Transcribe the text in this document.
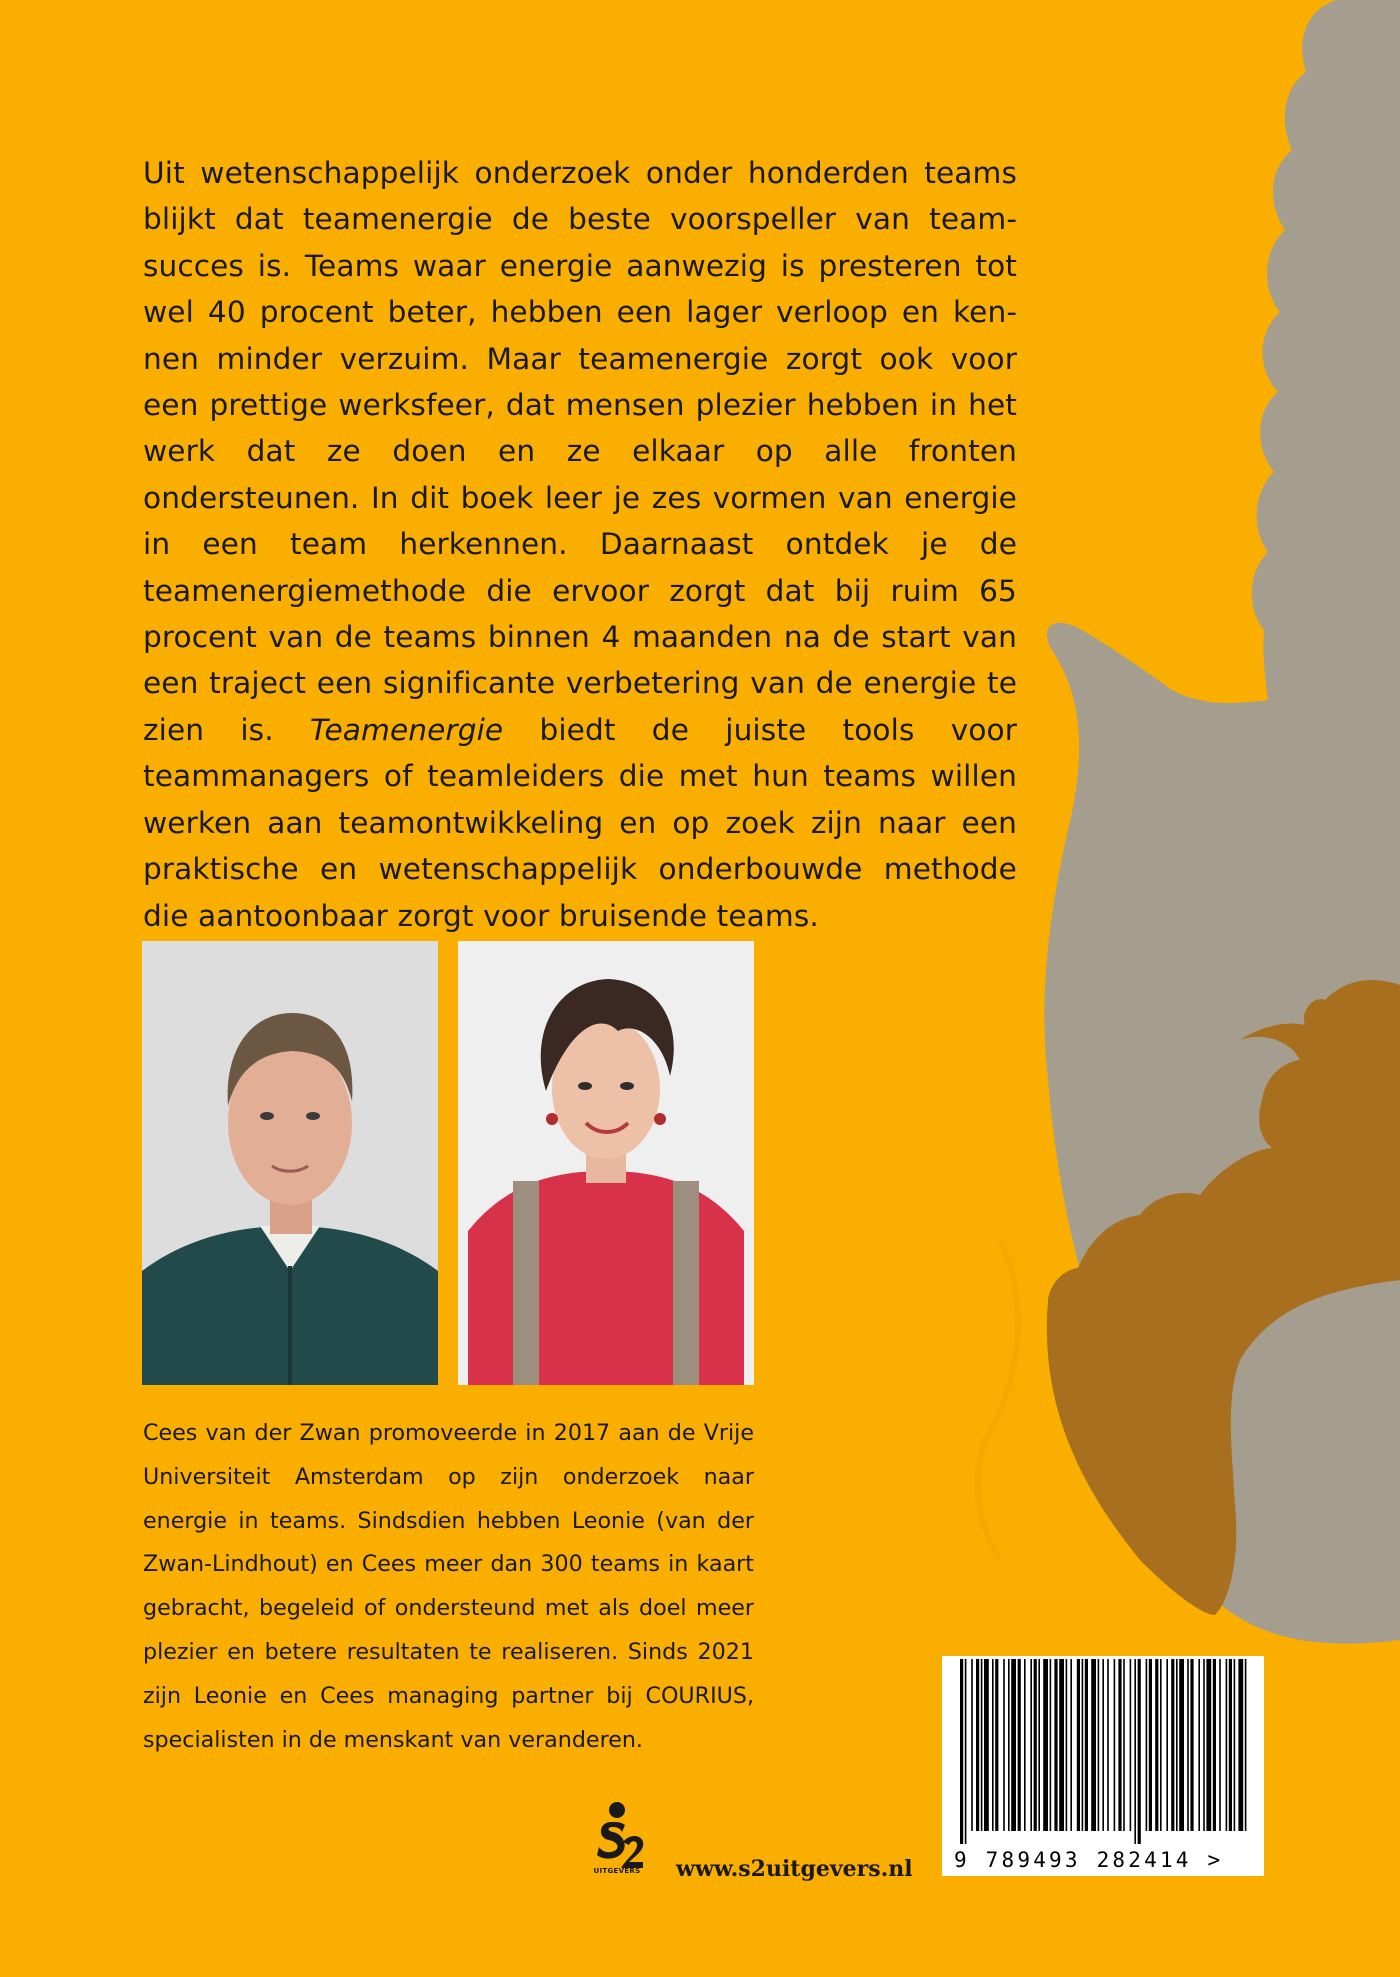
Uit wetenschappelijk onderzoek onder honderden teams blijkt dat teamenergie de beste voorspeller van teamsucces is. Teams waar energie aanwezig is presteren tot wel 40 procent beter, hebben een lager verloop en kennen minder verzuim. Maar teamenergie zorgt ook voor een prettige werksfeer, dat mensen plezier hebben in het werk dat ze doen en ze elkaar op alle fronten ondersteunen. In dit boek leer je zes vormen van energie in een team herkennen. Daarnaast ontdek je de teamenergiemethode die ervoor zorgt dat bij ruim 65 procent van de teams binnen 4 maanden na de start van een traject een significante verbetering van de energie te zien is. Teamenergie biedt de juiste tools voor teammanagers of teamleiders die met hun teams willen werken aan teamontwikkeling en op zoek zijn naar een praktische en wetenschappelijk onderbouwde methode die aantoonbaar zorgt voor bruisende teams.
Cees van der Zwan promoveerde in 2017 aan de Vrije Universiteit Amsterdam op zijn onderzoek naar energie in teams. Sindsdien hebben Leonie (van der Zwan-Lindhout) en Cees meer dan 300 teams in kaart gebracht, begeleid of ondersteund met als doel meer plezier en betere resultaten te realiseren. Sinds 2021 zijn Leonie en Cees managing partner bij COURIUS, specialisten in de menskant van veranderen.
UITGEVERS www.s2uitgevers.nl 9 789493 282414 >
